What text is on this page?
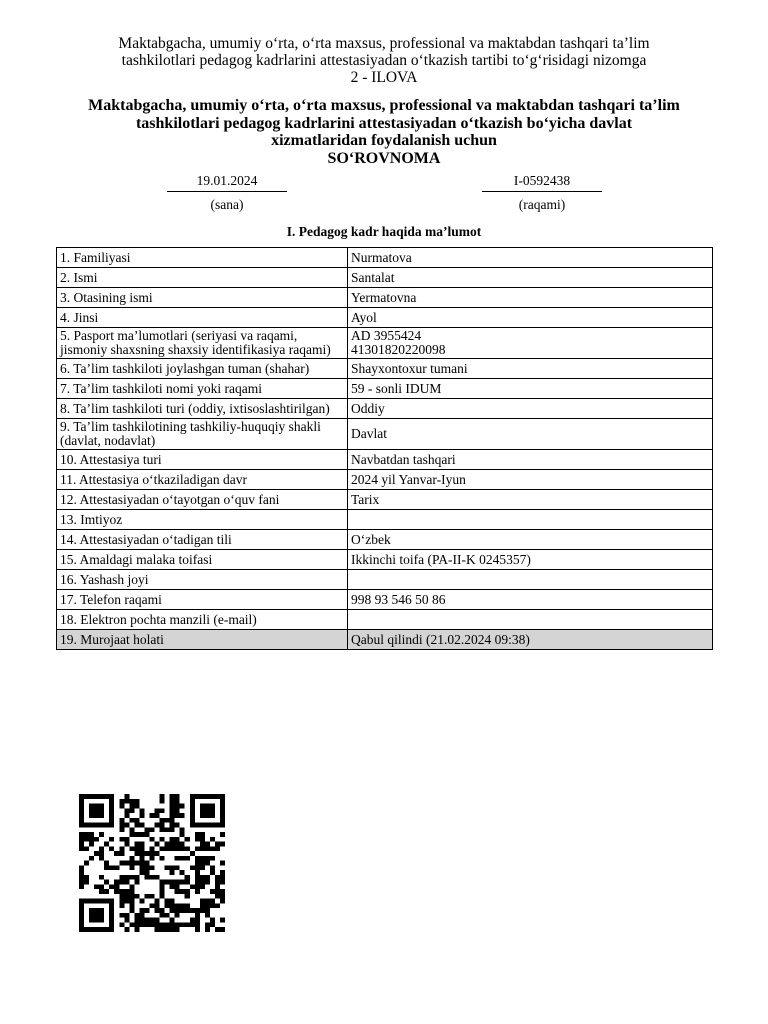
Maktabgacha, umumiy o‘rta, o‘rta maxsus, professional va maktabdan tashqari ta’lim
tashkilotlari pedagog kadrlarini attestasiyadan o‘tkazish tartibi to‘g‘risidagi nizomga
2 - ILOVA
Maktabgacha, umumiy o‘rta, o‘rta maxsus, professional va maktabdan tashqari ta’lim
tashkilotlari pedagog kadrlarini attestasiyadan o‘tkazish bo‘yicha davlat
xizmatlaridan foydalanish uchun
SO‘ROVNOMA
19.01.2024
(sana)
I-0592438
(raqami)
I. Pedagog kadr haqida ma’lumot
1. Familiyasi	Nurmatova

2. Ismi	Santalat

3. Otasining ismi	Yermatovna

4. Jinsi	Ayol

5. Pasport ma’lumotlari (seriyasi va raqami, jismoniy shaxsning shaxsiy identifikasiya raqami)	AD 3955424
41301820220098

6. Ta’lim tashkiloti joylashgan tuman (shahar)	Shayxontoxur tumani

7. Ta’lim tashkiloti nomi yoki raqami	59 - sonli IDUM

8. Ta’lim tashkiloti turi (oddiy, ixtisoslashtirilgan)	Oddiy

9. Ta’lim tashkilotining tashkiliy-huquqiy shakli (davlat, nodavlat)	Davlat

10. Attestasiya turi	Navbatdan tashqari

11. Attestasiya o‘tkaziladigan davr	2024 yil Yanvar-Iyun

12. Attestasiyadan o‘tayotgan o‘quv fani	Tarix

13. Imtiyoz	
14. Attestasiyadan o‘tadigan tili	O‘zbek

15. Amaldagi malaka toifasi	Ikkinchi toifa (PA-II-K 0245357)

16. Yashash joyi	
17. Telefon raqami	998 93 546 50 86

18. Elektron pochta manzili (e-mail)	
19. Murojaat holati	Qabul qilindi (21.02.2024 09:38)
